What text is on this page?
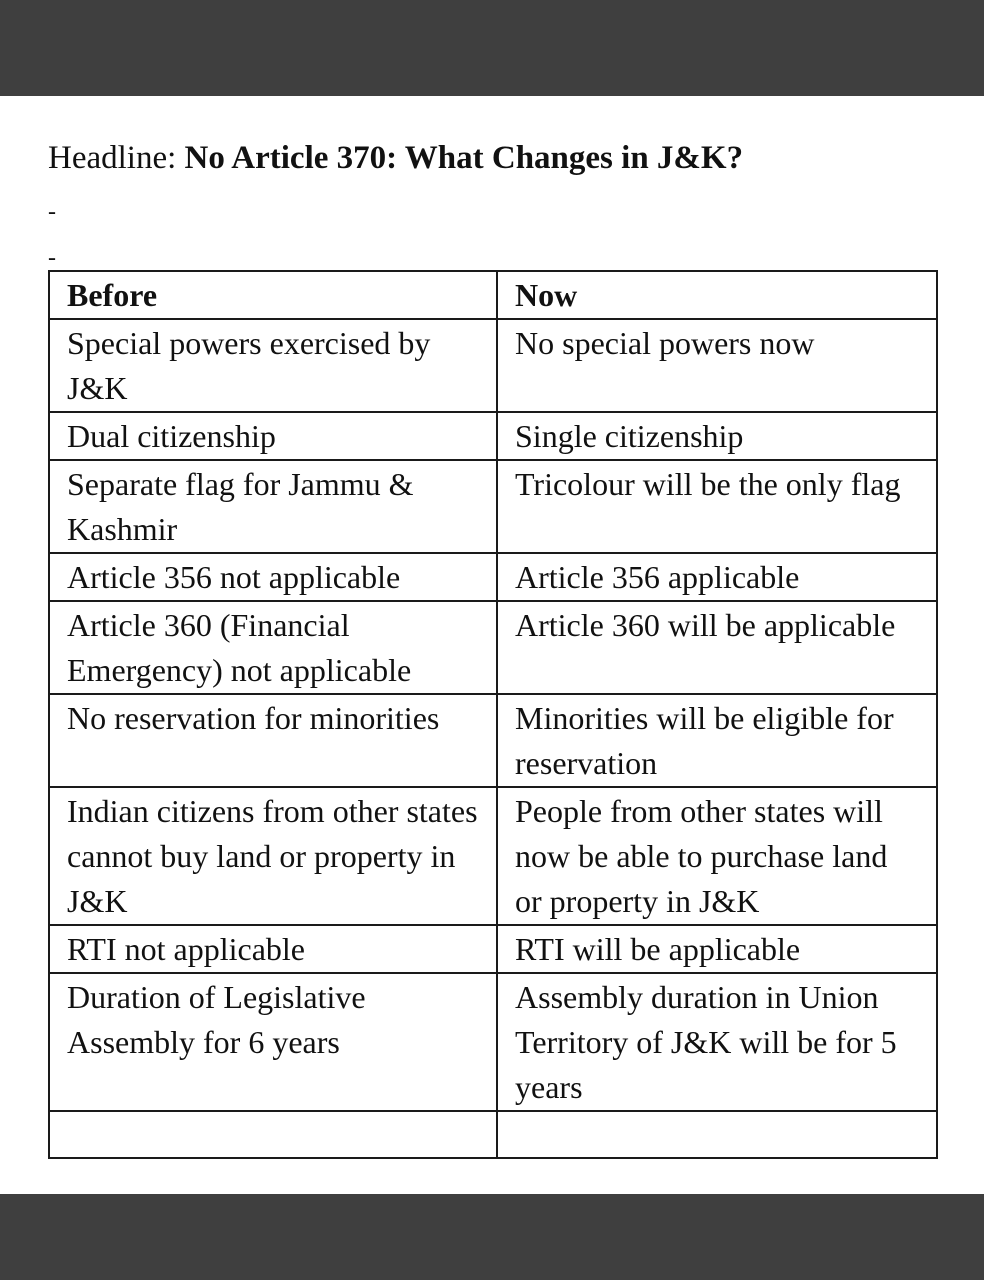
Headline: No Article 370: What Changes in J&K?
-
-
Before	Now
Special powers exercised by J&K	No special powers now
Dual citizenship	Single citizenship
Separate flag for Jammu & Kashmir	Tricolour will be the only flag
Article 356 not applicable	Article 356 applicable
Article 360 (Financial Emergency) not applicable	Article 360 will be applicable
No reservation for minorities	Minorities will be eligible for reservation
Indian citizens from other states cannot buy land or property in J&K	People from other states will now be able to purchase land or property in J&K
RTI not applicable	RTI will be applicable
Duration of Legislative Assembly for 6 years	Assembly duration in Union Territory of J&K will be for 5 years
